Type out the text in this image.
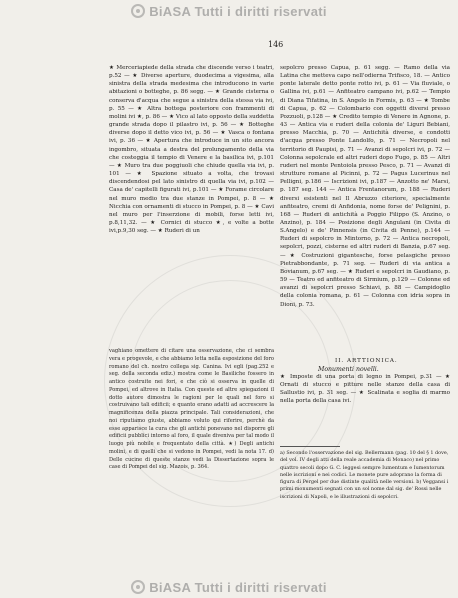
BiASA Tutti i diritti riservati
146

★ Merceriapiede della strada che discende verso i teatri, p.52 — ★ Diverse aperture, duodecima a vigesima, alla sinistra della strada medesima che introducono in varie abitazioni o botteghe, p. 86 segg. — ★ Grande cisterna o conserva d'acqua che segue a sinistra della stessa via ivi, p. 55 — ★ Altra bottega posteriore con frammenti di molini ivi ★, p. 86 — ★ Vico al lato opposto della suddetta grande strada dopo il pilastro ivi, p. 56 — ★ Botteghe diverse dopo il detto vico ivi, p. 56 — ★ Vasca o fontana ivi, p. 36 — ★ Apertura che introduce in un sito ancora ingombro, situata a destra del prolungamento della via che costeggia il tempio di Venere e la basilica ivi, p.101 — ★ Muro tra due poggiuoli che chiude quella via ivi, p. 101 — ★ Spazione situato a volta, che trovasi discendendosi pel lato sinistro di quella via ivi, p.102 — Casa de' capitelli figurati ivi, p.101 — ★ Forame circolare nel muro medio tra due stanze in Pompei, p. 8 — ★ Nicchia con ornamenti di stucco in Pompei, p. 8 — ★ Cavi nel muro per l'inserzione di mobili, forse letti ivi, p.8,11,32. — ★ Cornici di stucco ★, e volte a botte ivi,p.9,30 seg. — ★ Ruderi di un

sepolcro presso Capua, p. 61 segg. — Ramo della via Latina che metteva capo nell'odierna Trifisco, 18. — Antico ponte laterale detto ponte rotto ivi, p. 61 — Via fluviale, o Gallina ivi, p.61 — Anfiteatro campano ivi, p.62 — Tempio di Diana Tifatina, in S. Angelo in Formis, p. 63 — ★ Tombe di Capua, p. 62 — Colombario con oggetti diversi presso Pozzuoli, p.128 — ★ Credito tempio di Venere in Agnone, p. 43 — Antica via e ruderi della colonia de' Liguri Bebiani, presso Macchia, p. 70 — Antichità diverse, e condotti d'acqua presso Ponte Landolfo, p. 71 — Necropoli nel territorio di Paupisi, p. 71 — Avanzi di sepolcri ivi, p. 72 — Colonna sepolcrale ed altri ruderi dopo Fugo, p. 85 — Altri ruderi nel monte Pentoiola presso Pesco, p. 71 — Avanzi di strutture romane al Picinni, p. 72 — Pagus Lucerinus nel Pelligni, p.186 — Iscrizioni ivi, p.187 — Anzotto ne' Marsi, p. 187 seg. 144 — Antica Frentanorum, p. 188 — Ruderi diversi esistenti nel Il Abruzzo citeriore, specialmente anfiteatro, cremi di Anfidonia, nome forse de' Pelignini, p. 168 — Ruderi di antichità a Poggio Filippo (S. Anzino, o Anzino), p. 184 — Posizione degli Angulani (in Civita di S.Angelo) e de' Pinnensis (in Civita di Penne), p.144 — Ruderi di sepolcro in Mintorno, p. 72 — Antica necropoli, sepolcri, pozzi, cisterne ed altri ruderi di Banzia, p.67 seg. — ★ Costruzioni gigantesche, forse pelasgiche presso Pietrabbondante, p. 71 seg. — Ruderi di via antica a Bovianum, p.67 seg. — ★ Ruderi e sepolcri in Gaudiano, p. 59 — Teatro ed anfiteatro di Sirmium, p.129 — Colonne ed avanzi di sepolcri presso Schiavi, p. 88 — Campidoglio della colonia romana, p. 61 — Colonna con idria sopra in Dioni, p. 73.

vaghiano omettere di citare una osservazione, che ci sembra vera e progevole, e che abbiamo letta nella esposizione del foro romano del ch. nostro collega sig. Canina. Ivi egli (pag.252 e seg. della seconda ediz.) mostra come le Basiliche fossero in antico costruite nei fori, e che ciò si osserva in quelle di Pompei, ed altrove in Italia. Con queste ed altre spiegazioni il dotto autore dimostra le ragioni per le quali nel foro si costruivano tali edificii; e quanto erano adatti ad accrescere la magnificenza della piazza principale. Tali considerazioni, che noi riputiamo giuste, abbiamo voluto qui riferire, perchè da esse apparisce la cura che gli antichi ponevano nel disporre gli edificii pubblici intorno al foro, il quale diveniva per tal modo il luogo più nobile e frequentato della città. ★) Degli antichi molini, e di quelli che si vedono in Pompei, vedi la nota 17. d) Delle cucine di queste stanze vedi la Dissertazione sopra le case di Pompei del sig. Mazois, p. 364.

II. ARTTIONICA.
Monumenti novelli.

★ Imposte di una porta di legno in Pompei, p.31 — ★ Ornati di stucco e pitture nelle stanze della casa di Sallustio ivi, p. 31 seg. — ★ Scalinata e soglia di marmo nella porta della casa ivi.

a) Secondo l'osservazione del sig. Bellermann (pag. 10 del § 1 dove, del vol. IV degli atti della reale accademia di Monaco) nel primo quattro secoli dopo G. C. leggesi sempre Iumentum e Iumentorum nelle iscrizioni e nei codici. Le monete pure adoprano la forma di figura di Pergel per due distinte qualità nelle versioni. b) Veggansi i primi monumenti segnati con un sol nome dal sig. de' Rossi nelle iscrizioni di Napoli, e le illustrazioni di sepolcri.

BiASA Tutti i diritti riservati
